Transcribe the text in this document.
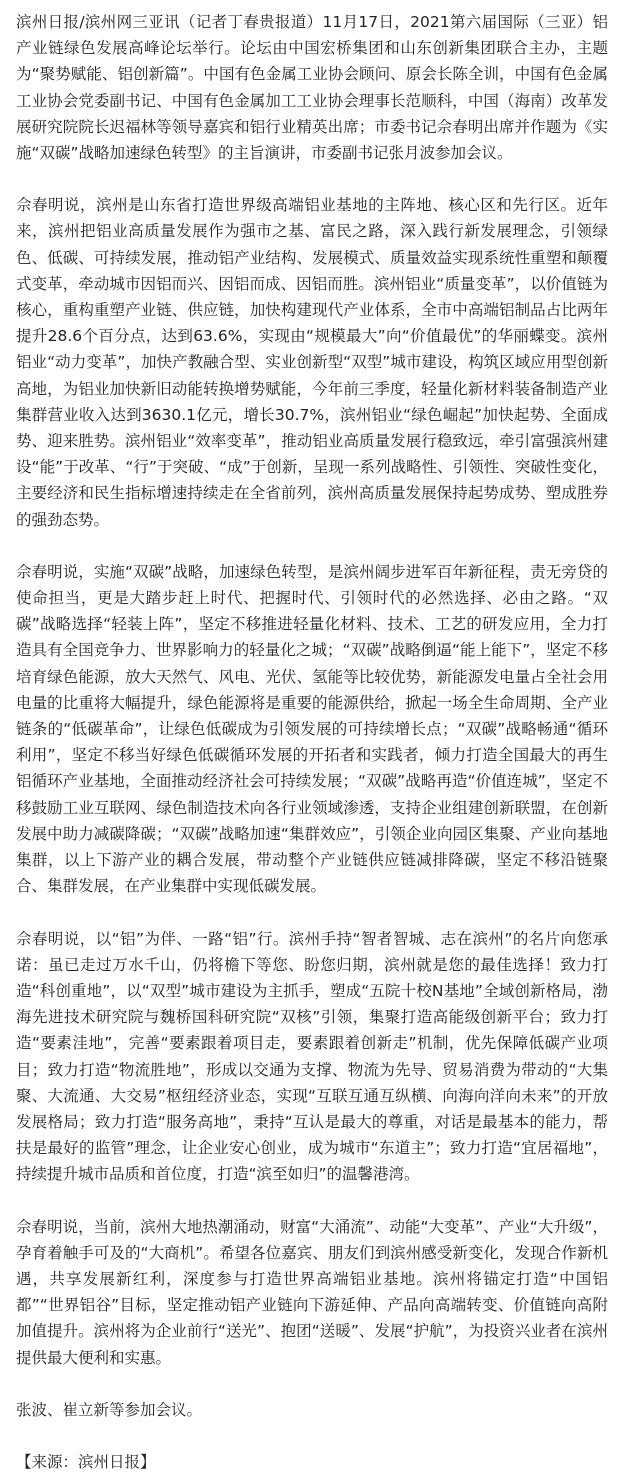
滨州日报/滨州网三亚讯（记者丁春贵报道）11月17日，2021第六届国际（三亚）铝产业链绿色发展高峰论坛举行。论坛由中国宏桥集团和山东创新集团联合主办，主题为“聚势赋能、铝创新篇”。中国有色金属工业协会顾问、原会长陈全训，中国有色金属工业协会党委副书记、中国有色金属加工工业协会理事长范顺科，中国（海南）改革发展研究院院长迟福林等领导嘉宾和铝行业精英出席；市委书记佘春明出席并作题为《实施“双碳”战略加速绿色转型》的主旨演讲，市委副书记张月波参加会议。

佘春明说，滨州是山东省打造世界级高端铝业基地的主阵地、核心区和先行区。近年来，滨州把铝业高质量发展作为强市之基、富民之路，深入践行新发展理念，引领绿色、低碳、可持续发展，推动铝产业结构、发展模式、质量效益实现系统性重塑和颠覆式变革，牵动城市因铝而兴、因铝而成、因铝而胜。滨州铝业“质量变革”，以价值链为核心，重构重塑产业链、供应链，加快构建现代产业体系，全市中高端铝制品占比两年提升28.6个百分点，达到63.6%，实现由“规模最大”向“价值最优”的华丽蝶变。滨州铝业“动力变革”，加快产教融合型、实业创新型“双型”城市建设，构筑区域应用型创新高地，为铝业加快新旧动能转换增势赋能，今年前三季度，轻量化新材料装备制造产业集群营业收入达到3630.1亿元，增长30.7%，滨州铝业“绿色崛起”加快起势、全面成势、迎来胜势。滨州铝业“效率变革”，推动铝业高质量发展行稳致远，牵引富强滨州建设“能”于改革、“行”于突破、“成”于创新，呈现一系列战略性、引领性、突破性变化，主要经济和民生指标增速持续走在全省前列，滨州高质量发展保持起势成势、塑成胜券的强劲态势。

佘春明说，实施“双碳”战略，加速绿色转型，是滨州阔步进军百年新征程，责无旁贷的使命担当，更是大踏步赶上时代、把握时代、引领时代的必然选择、必由之路。“双碳”战略选择“轻装上阵”，坚定不移推进轻量化材料、技术、工艺的研发应用，全力打造具有全国竞争力、世界影响力的轻量化之城；“双碳”战略倒逼“能上能下”，坚定不移培育绿色能源，放大天然气、风电、光伏、氢能等比较优势，新能源发电量占全社会用电量的比重将大幅提升，绿色能源将是重要的能源供给，掀起一场全生命周期、全产业链条的“低碳革命”，让绿色低碳成为引领发展的可持续增长点；“双碳”战略畅通“循环利用”，坚定不移当好绿色低碳循环发展的开拓者和实践者，倾力打造全国最大的再生铝循环产业基地，全面推动经济社会可持续发展；“双碳”战略再造“价值连城”，坚定不移鼓励工业互联网、绿色制造技术向各行业领域渗透，支持企业组建创新联盟，在创新发展中助力减碳降碳；“双碳”战略加速“集群效应”，引领企业向园区集聚、产业向基地集群，以上下游产业的耦合发展，带动整个产业链供应链减排降碳，坚定不移沿链聚合、集群发展，在产业集群中实现低碳发展。

佘春明说，以“铝”为伴、一路“铝”行。滨州手持“智者智城、志在滨州”的名片向您承诺：虽已走过万水千山，仍将檐下等您、盼您归期，滨州就是您的最佳选择！致力打造“科创重地”，以“双型”城市建设为主抓手，塑成“五院十校N基地”全域创新格局，渤海先进技术研究院与魏桥国科研究院“双核”引领，集聚打造高能级创新平台；致力打造“要素洼地”，完善“要素跟着项目走，要素跟着创新走”机制，优先保障低碳产业项目；致力打造“物流胜地”，形成以交通为支撑、物流为先导、贸易消费为带动的“大集聚、大流通、大交易”枢纽经济业态，实现“互联互通互纵横、向海向洋向未来”的开放发展格局；致力打造“服务高地”，秉持“互认是最大的尊重，对话是最基本的能力，帮扶是最好的监管”理念，让企业安心创业，成为城市“东道主”；致力打造“宜居福地”，持续提升城市品质和首位度，打造“滨至如归”的温馨港湾。

佘春明说，当前，滨州大地热潮涌动，财富“大涌流”、动能“大变革”、产业“大升级”，孕育着触手可及的“大商机”。希望各位嘉宾、朋友们到滨州感受新变化，发现合作新机遇，共享发展新红利，深度参与打造世界高端铝业基地。滨州将锚定打造“中国铝都”“世界铝谷”目标，坚定推动铝产业链向下游延伸、产品向高端转变、价值链向高附加值提升。滨州将为企业前行“送光”、抱团“送暖”、发展“护航”，为投资兴业者在滨州提供最大便利和实惠。

张波、崔立新等参加会议。

【来源：滨州日报】
